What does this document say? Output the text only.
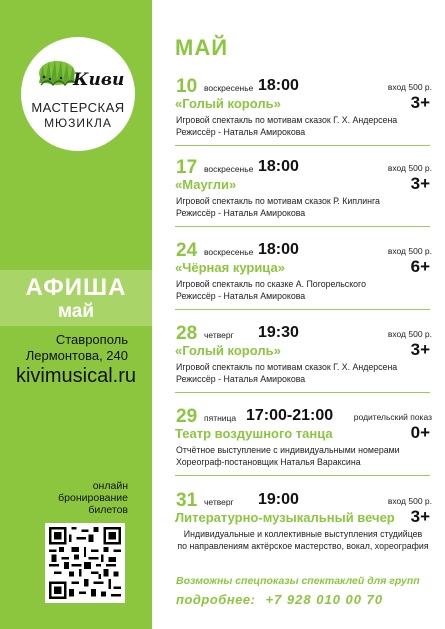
Киви
МАСТЕРСКАЯ
МЮЗИКЛА
АФИША
май
Ставрополь
Лермонтова, 240
kivimusical.ru
онлайн
бронирование
билетов
МАЙ
10 воскресенье 18:00	вход 500 р.
«Голый король»	3+
Игровой спектакль по мотивам сказок Г. Х. Андерсена
Режиссёр - Наталья Амирокова
17 воскресенье 18:00	вход 500 р.
«Маугли»	3+
Игровой спектакль по мотивам сказок Р. Киплинга
Режиссёр - Наталья Амирокова
24 воскресенье 18:00	вход 500 р.
«Чёрная курица»	6+
Игровой спектакль по сказке А. Погорельского
Режиссёр - Наталья Амирокова
28 четверг 19:30	вход 500 р.
«Голый король»	3+
Игровой спектакль по мотивам сказок Г. Х. Андерсена
Режиссёр - Наталья Амирокова
29 пятница 17:00-21:00 родительский показ
Театр воздушного танца	0+
Отчётное выступление с индивидуальными номерами
Хореограф-постановщик Наталья Вараксина
31 четверг 19:00	вход 500 р.
Литературно-музыкальный вечер 3+
Индивидуальные и коллективные выступления студийцев
по направлениям актёрское мастерство, вокал, хореография
Возможны спецпоказы спектаклей для групп
подробнее: +7 928 010 00 70
